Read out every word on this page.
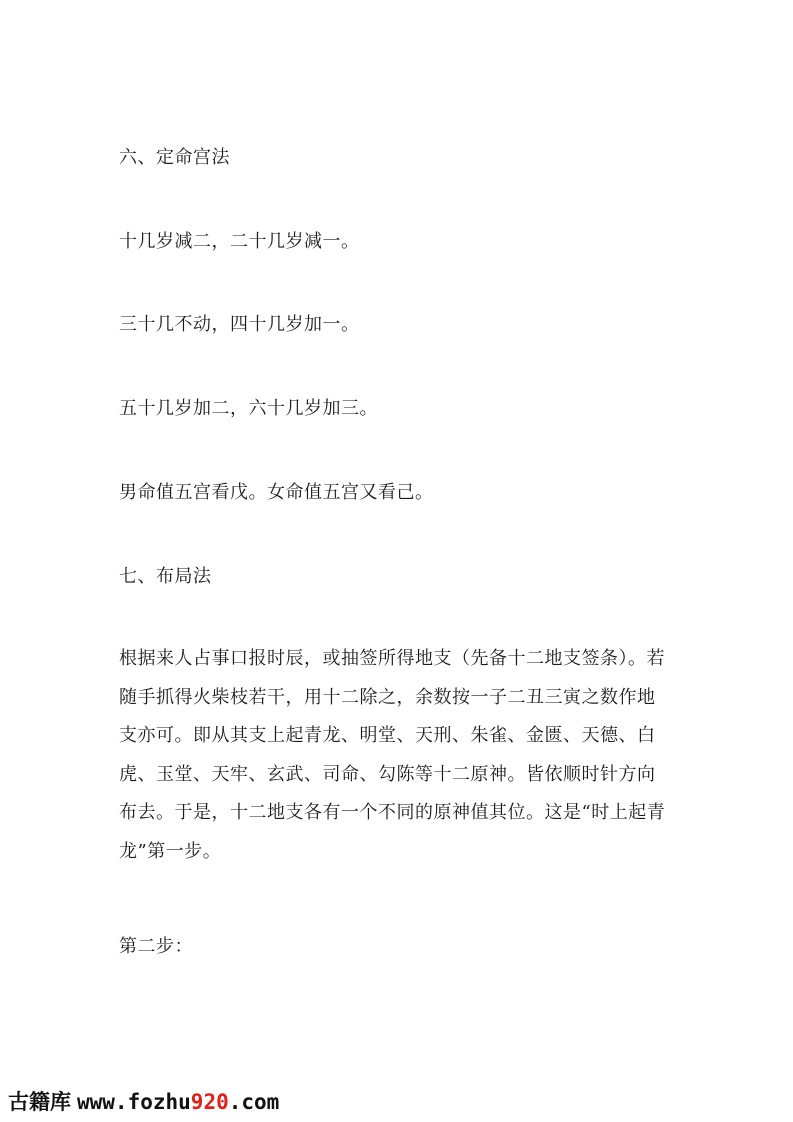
六、定命宫法
十几岁减二，二十几岁减一。
三十几不动，四十几岁加一。
五十几岁加二，六十几岁加三。
男命值五宫看戊。女命值五宫又看己。
七、布局法
根据来人占事口报时辰，或抽签所得地支（先备十二地支签条）。若
随手抓得火柴枝若干，用十二除之，余数按一子二丑三寅之数作地
支亦可。即从其支上起青龙、明堂、天刑、朱雀、金匮、天德、白
虎、玉堂、天牢、玄武、司命、勾陈等十二原神。皆依顺时针方向
布去。于是，十二地支各有一个不同的原神值其位。这是“时上起青
龙”第一步。
第二步：
古籍库 www.fozhu920.com
